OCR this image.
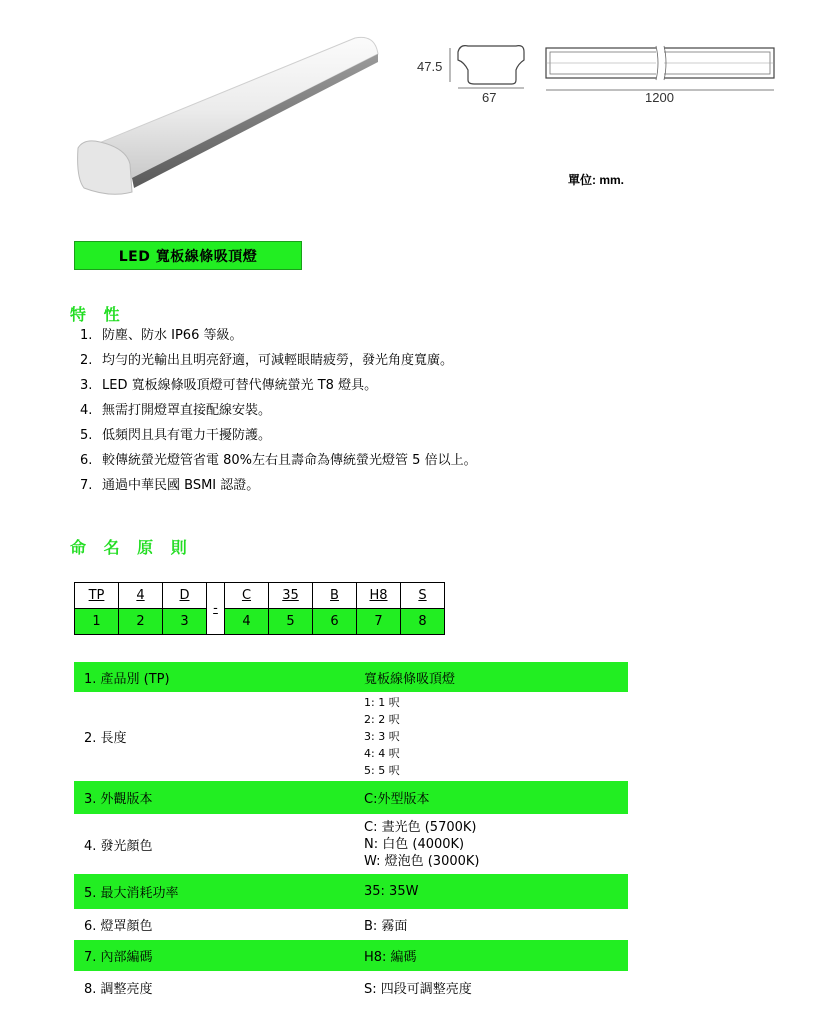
47.5
67	1200
單位: mm.
LED 寬板線條吸頂燈
特 性
1. 防塵、防水 IP66 等級。
2. 均勻的光輸出且明亮舒適，可減輕眼睛疲勞，發光角度寬廣。
3. LED 寬板線條吸頂燈可替代傳統螢光 T8 燈具。
4. 無需打開燈罩直接配線安裝。
5. 低頻閃且具有電力干擾防護。
6. 較傳統螢光燈管省電 80%左右且壽命為傳統螢光燈管 5 倍以上。
7. 通過中華民國 BSMI 認證。
命 名 原 則
TP	4	D	-	C	35	B	H8	S
1	2	3		4	5	6	7	8
1. 產品別 (TP)	寬板線條吸頂燈
2. 長度
1: 1 呎
2: 2 呎
3: 3 呎
4: 4 呎
5: 5 呎
3. 外觀版本	C:外型版本
4. 發光顏色
C: 晝光色 (5700K)
N: 白色 (4000K)
W: 燈泡色 (3000K)
5. 最大消耗功率	35: 35W
6. 燈罩顏色	B: 霧面
7. 內部編碼	H8: 編碼
8. 調整亮度	S: 四段可調整亮度
